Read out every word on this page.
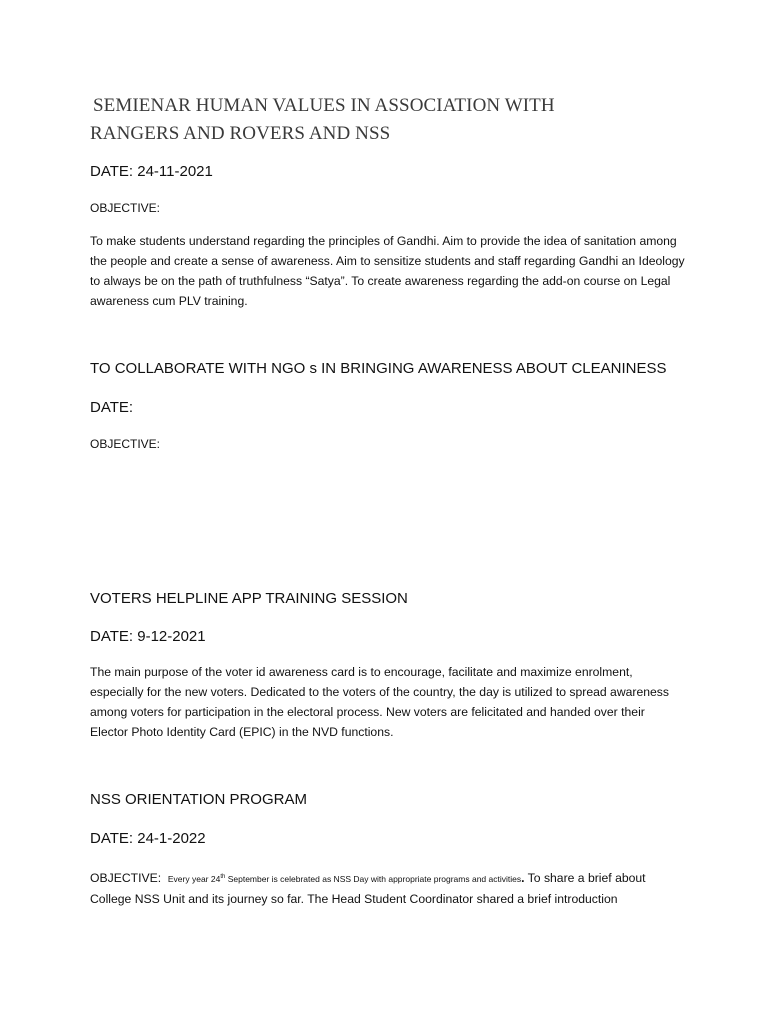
SEMIENAR HUMAN VALUES IN ASSOCIATION WITH
RANGERS AND ROVERS AND NSS
DATE: 24-11-2021
OBJECTIVE:

To make students understand regarding the principles of Gandhi. Aim to provide the idea of sanitation among the people and create a sense of awareness. Aim to sensitize students and staff regarding Gandhi an Ideology to always be on the path of truthfulness “Satya”. To create awareness regarding the add-on course on Legal awareness cum PLV training.

TO COLLABORATE WITH NGO s IN BRINGING AWARENESS ABOUT CLEANINESS
DATE:
OBJECTIVE:
VOTERS HELPLINE APP TRAINING SESSION
DATE: 9-12-2021

The main purpose of the voter id awareness card is to encourage, facilitate and maximize enrolment, especially for the new voters. Dedicated to the voters of the country, the day is utilized to spread awareness among voters for participation in the electoral process. New voters are felicitated and handed over their Elector Photo Identity Card (EPIC) in the NVD functions.

NSS ORIENTATION PROGRAM
DATE: 24-1-2022

OBJECTIVE: Every year 24th September is celebrated as NSS Day with appropriate programs and activities. To share a brief about College NSS Unit and its journey so far. The Head Student Coordinator shared a brief introduction
